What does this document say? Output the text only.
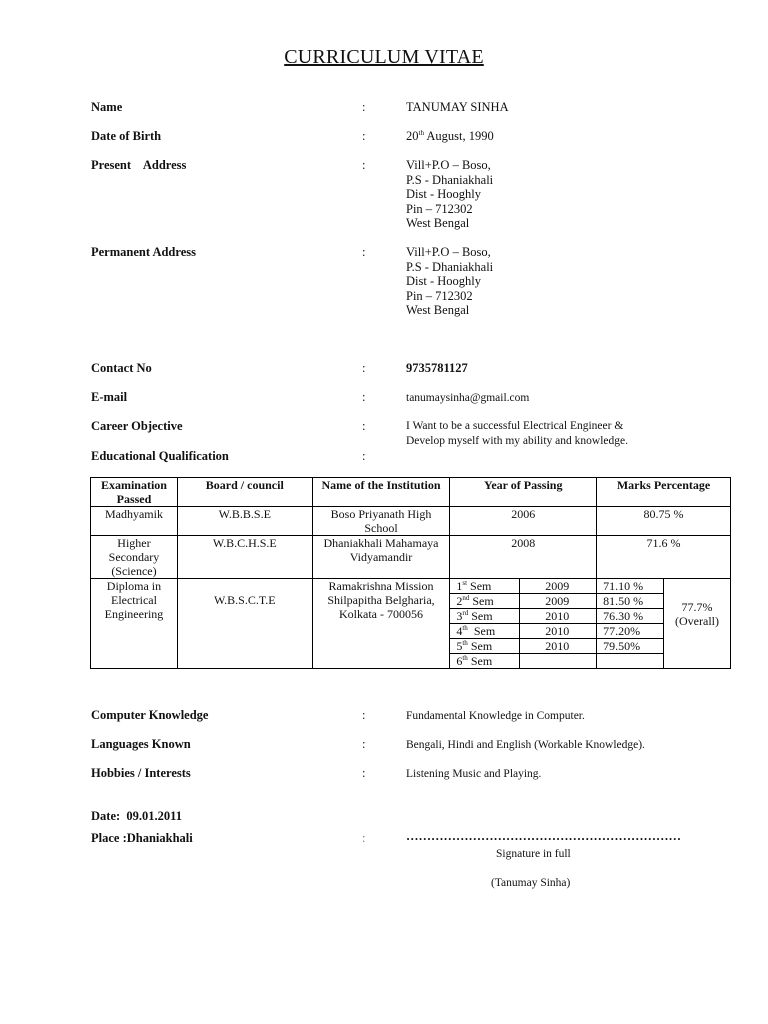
CURRICULUM VITAE
Name	:	TANUMAY SINHA
Date of Birth	:	20th August, 1990
Present    Address	:	Vill+P.O – Boso,
P.S - Dhaniakhali
Dist - Hooghly
Pin – 712302
West Bengal
Permanent Address	:	Vill+P.O – Boso,
P.S - Dhaniakhali
Dist - Hooghly
Pin – 712302
West Bengal
Contact No	:	9735781127
E-mail	:	tanumaysinha@gmail.com
Career Objective	:	I Want to be a successful Electrical Engineer &
Develop myself with my ability and knowledge.
Educational Qualification	:
Examination Passed	Board / council	Name of the Institution	Year of Passing		Marks Percentage	
Madhyamik	W.B.B.S.E	Boso Priyanath High School	2006		80.75 %	
Higher Secondary (Science)	W.B.C.H.S.E	Dhaniakhali Mahamaya Vidyamandir	2008		71.6 %	
Diploma in Electrical Engineering	W.B.S.C.T.E	Ramakrishna Mission Shilpapitha Belgharia, Kolkata - 700056	1st Sem	2009	71.10 %	77.7% (Overall)
			2nd Sem	2009	81.50 %	
			3rd Sem	2010	76.30 %	
			4th  Sem	2010	77.20%	
			5th Sem	2010	79.50%	
			6th Sem			
Computer Knowledge	:	Fundamental Knowledge in Computer.
Languages Known	:	Bengali, Hindi and English (Workable Knowledge).
Hobbies / Interests	:	Listening Music and Playing.
Date:  09.01.2011
Place :Dhaniakhali	:	…………………………………………………………
Signature in full
(Tanumay Sinha)
